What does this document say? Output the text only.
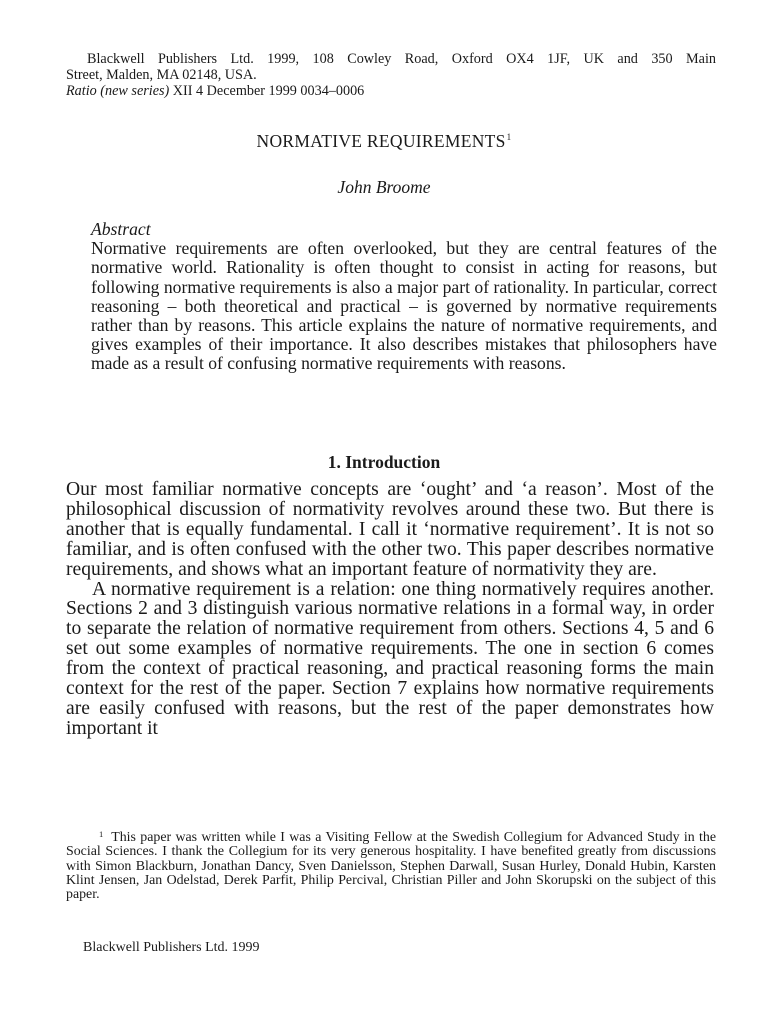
Blackwell Publishers Ltd. 1999, 108 Cowley Road, Oxford OX4 1JF, UK and 350 Main
Street, Malden, MA 02148, USA.
Ratio (new series) XII 4 December 1999 0034–0006
NORMATIVE REQUIREMENTS$^1$
John Broome
Abstract
Normative requirements are often overlooked, but they are central features of the normative world. Rationality is often thought to consist in acting for reasons, but following normative requirements is also a major part of rationality. In particular, correct reasoning – both theoretical and practical – is governed by normative requirements rather than by reasons. This article explains the nature of normative requirements, and gives examples of their importance. It also describes mistakes that philosophers have made as a result of confusing normative requirements with reasons.
1. Introduction

Our most familiar normative concepts are ‘ought’ and ‘a reason’. Most of the philosophical discussion of normativity revolves around these two. But there is another that is equally fundamental. I call it ‘normative requirement’. It is not so familiar, and is often confused with the other two. This paper describes normative requirements, and shows what an important feature of normativity they are.

A normative requirement is a relation: one thing normatively requires another. Sections 2 and 3 distinguish various normative relations in a formal way, in order to separate the relation of normative requirement from others. Sections 4, 5 and 6 set out some examples of normative requirements. The one in section 6 comes from the context of practical reasoning, and practical reasoning forms the main context for the rest of the paper. Section 7 explains how normative requirements are easily confused with reasons, but the rest of the paper demonstrates how important it

1 This paper was written while I was a Visiting Fellow at the Swedish Collegium for Advanced Study in the Social Sciences. I thank the Collegium for its very generous hospitality. I have benefited greatly from discussions with Simon Blackburn, Jonathan Dancy, Sven Danielsson, Stephen Darwall, Susan Hurley, Donald Hubin, Karsten Klint Jensen, Jan Odelstad, Derek Parfit, Philip Percival, Christian Piller and John Skorupski on the subject of this paper.
Blackwell Publishers Ltd. 1999
